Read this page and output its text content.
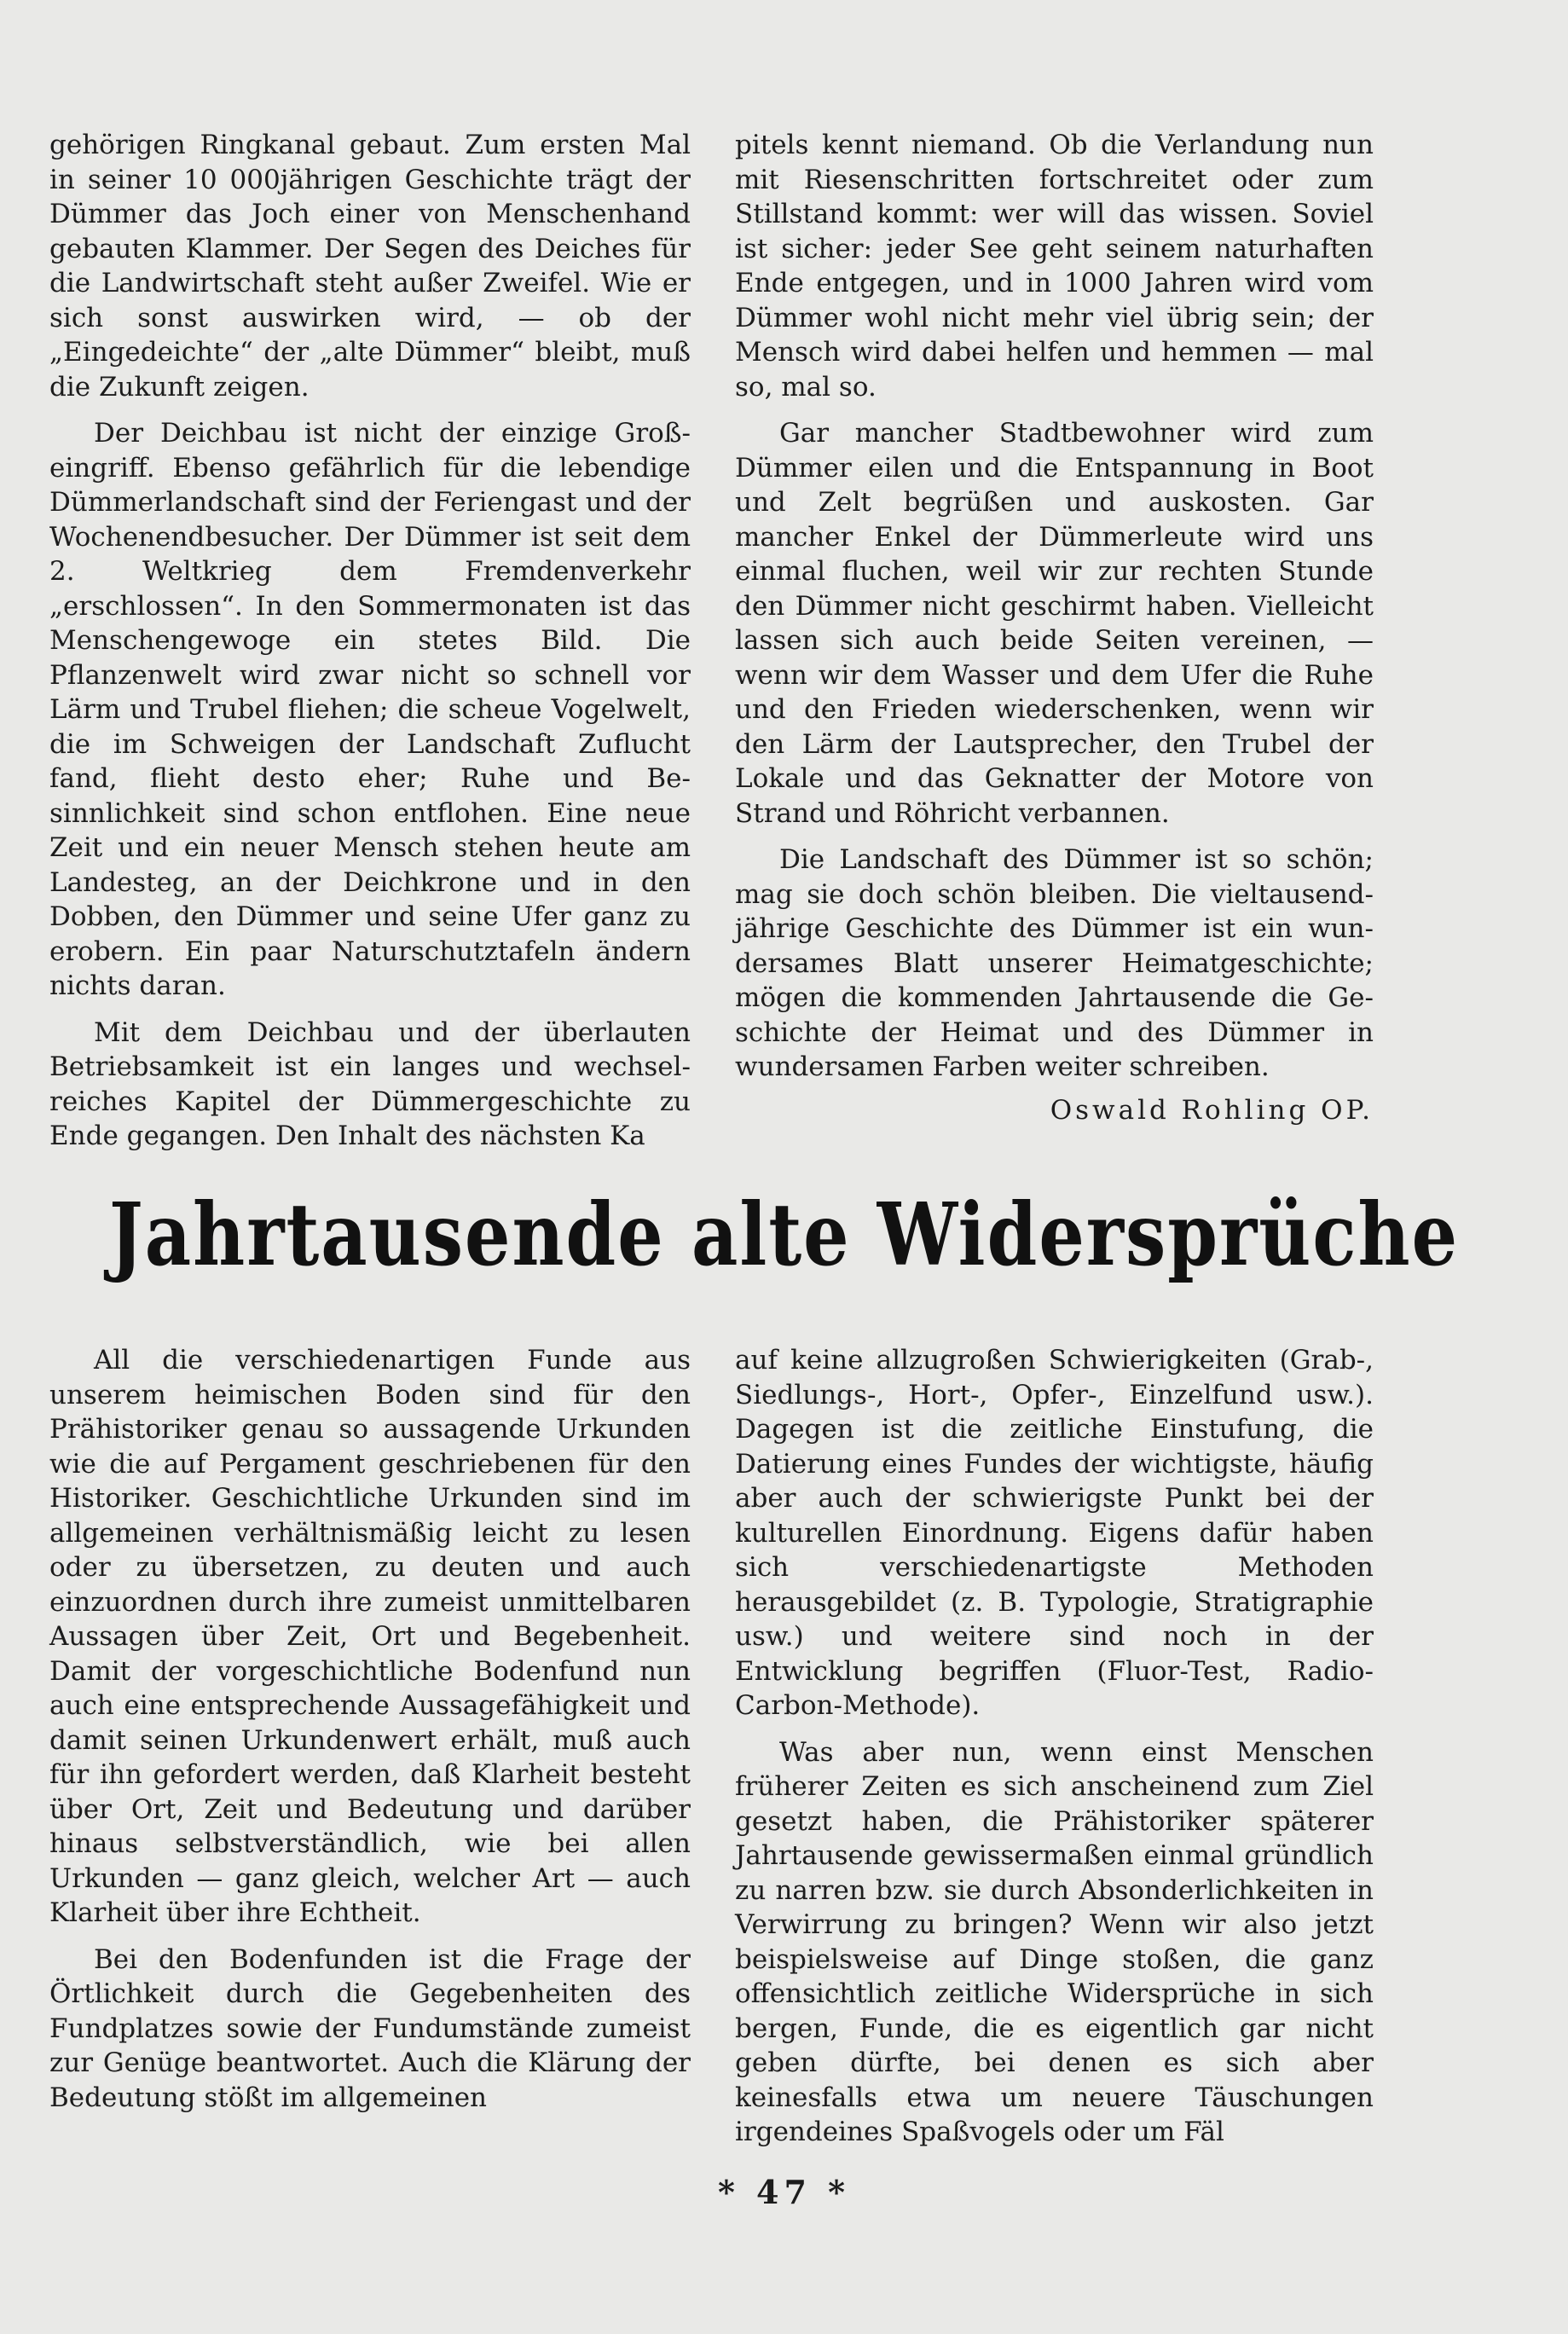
gehörigen Ringkanal gebaut. Zum ersten Mal in seiner 10 000jährigen Geschichte trägt der Dümmer das Joch einer von Menschenhand gebauten Klammer. Der Segen des Deiches für die Landwirtschaft steht außer Zweifel. Wie er sich sonst auswirken wird, — ob der „Eingedeichte“ der „alte Dümmer“ bleibt, muß die Zukunft zeigen.

Der Deichbau ist nicht der einzige Großeingriff. Ebenso gefährlich für die lebendige Dümmerlandschaft sind der Feriengast und der Wochenendbesucher. Der Dümmer ist seit dem 2. Weltkrieg dem Fremdenverkehr „erschlossen“. In den Sommermonaten ist das Menschengewoge ein stetes Bild. Die Pflanzenwelt wird zwar nicht so schnell vor Lärm und Trubel fliehen; die scheue Vogelwelt, die im Schweigen der Landschaft Zuflucht fand, flieht desto eher; Ruhe und Besinnlichkeit sind schon entflohen. Eine neue Zeit und ein neuer Mensch stehen heute am Landesteg, an der Deichkrone und in den Dobben, den Dümmer und seine Ufer ganz zu erobern. Ein paar Naturschutztafeln ändern nichts daran.

Mit dem Deichbau und der überlauten Betriebsamkeit ist ein langes und wechselreiches Kapitel der Dümmergeschichte zu Ende gegangen. Den Inhalt des nächsten Ka

pitels kennt niemand. Ob die Verlandung nun mit Riesenschritten fortschreitet oder zum Stillstand kommt: wer will das wissen. Soviel ist sicher: jeder See geht seinem naturhaften Ende entgegen, und in 1000 Jahren wird vom Dümmer wohl nicht mehr viel übrig sein; der Mensch wird dabei helfen und hemmen — mal so, mal so.

Gar mancher Stadtbewohner wird zum Dümmer eilen und die Entspannung in Boot und Zelt begrüßen und auskosten. Gar mancher Enkel der Dümmerleute wird uns einmal fluchen, weil wir zur rechten Stunde den Dümmer nicht geschirmt haben. Vielleicht lassen sich auch beide Seiten vereinen, — wenn wir dem Wasser und dem Ufer die Ruhe und den Frieden wiederschenken, wenn wir den Lärm der Lautsprecher, den Trubel der Lokale und das Geknatter der Motore von Strand und Röhricht verbannen.

Die Landschaft des Dümmer ist so schön; mag sie doch schön bleiben. Die vieltausendjährige Geschichte des Dümmer ist ein wundersames Blatt unserer Heimatgeschichte; mögen die kommenden Jahrtausende die Geschichte der Heimat und des Dümmer in wundersamen Farben weiter schreiben.

Oswald Rohling OP.

Jahrtausende alte Widersprüche

All die verschiedenartigen Funde aus unserem heimischen Boden sind für den Prähistoriker genau so aussagende Urkunden wie die auf Pergament geschriebenen für den Historiker. Geschichtliche Urkunden sind im allgemeinen verhältnismäßig leicht zu lesen oder zu übersetzen, zu deuten und auch einzuordnen durch ihre zumeist unmittelbaren Aussagen über Zeit, Ort und Begebenheit. Damit der vorgeschichtliche Bodenfund nun auch eine entsprechende Aussagefähigkeit und damit seinen Urkundenwert erhält, muß auch für ihn gefordert werden, daß Klarheit besteht über Ort, Zeit und Bedeutung und darüber hinaus selbstverständlich, wie bei allen Urkunden — ganz gleich, welcher Art — auch Klarheit über ihre Echtheit.

Bei den Bodenfunden ist die Frage der Örtlichkeit durch die Gegebenheiten des Fundplatzes sowie der Fundumstände zumeist zur Genüge beantwortet. Auch die Klärung der Bedeutung stößt im allgemeinen

auf keine allzugroßen Schwierigkeiten (Grab-, Siedlungs-, Hort-, Opfer-, Einzelfund usw.). Dagegen ist die zeitliche Einstufung, die Datierung eines Fundes der wichtigste, häufig aber auch der schwierigste Punkt bei der kulturellen Einordnung. Eigens dafür haben sich verschiedenartigste Methoden herausgebildet (z. B. Typologie, Stratigraphie usw.) und weitere sind noch in der Entwicklung begriffen (Fluor-Test, RadioCarbon-Methode).

Was aber nun, wenn einst Menschen früherer Zeiten es sich anscheinend zum Ziel gesetzt haben, die Prähistoriker späterer Jahrtausende gewissermaßen einmal gründlich zu narren bzw. sie durch Absonderlichkeiten in Verwirrung zu bringen? Wenn wir also jetzt beispielsweise auf Dinge stoßen, die ganz offensichtlich zeitliche Widersprüche in sich bergen, Funde, die es eigentlich gar nicht geben dürfte, bei denen es sich aber keinesfalls etwa um neuere Täuschungen irgendeines Spaßvogels oder um Fäl

* 47 *
